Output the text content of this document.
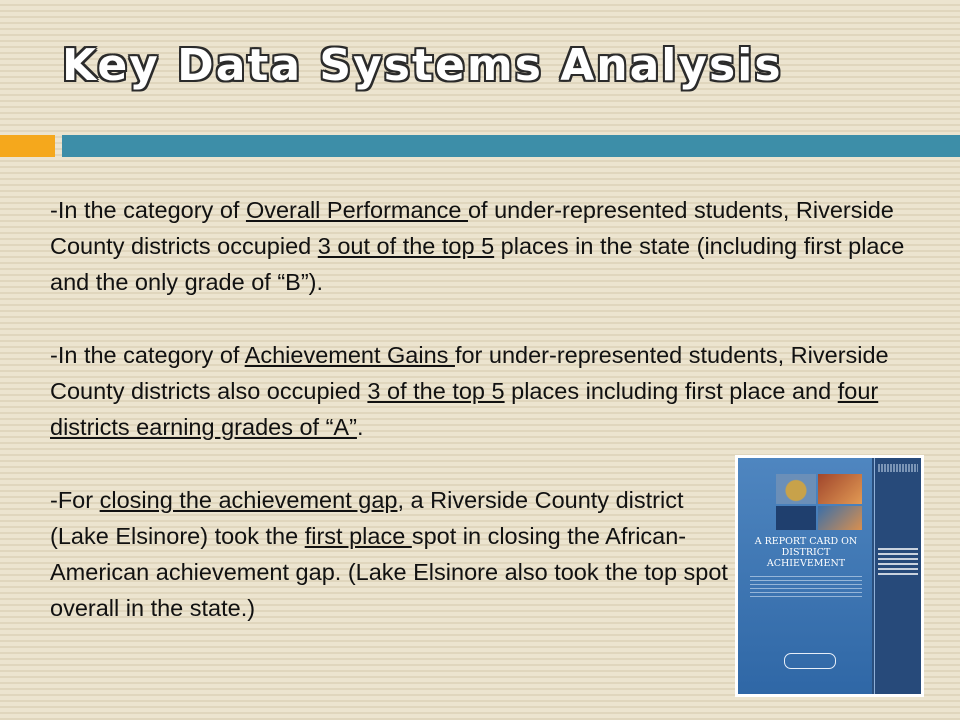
Key Data Systems Analysis

-In the category of Overall Performance of under-represented students, Riverside County districts occupied 3 out of the top 5 places in the state (including first place and the only grade of “B”).

-In the category of Achievement Gains for under-represented students, Riverside County districts also occupied 3 of the top 5 places including first place and four districts earning grades of “A”.

-For closing the achievement gap, a Riverside County district (Lake Elsinore) took the first place spot in closing the African-American achievement gap. (Lake Elsinore also took the top spot overall in the state.)

A REPORT CARD ON DISTRICT ACHIEVEMENT
